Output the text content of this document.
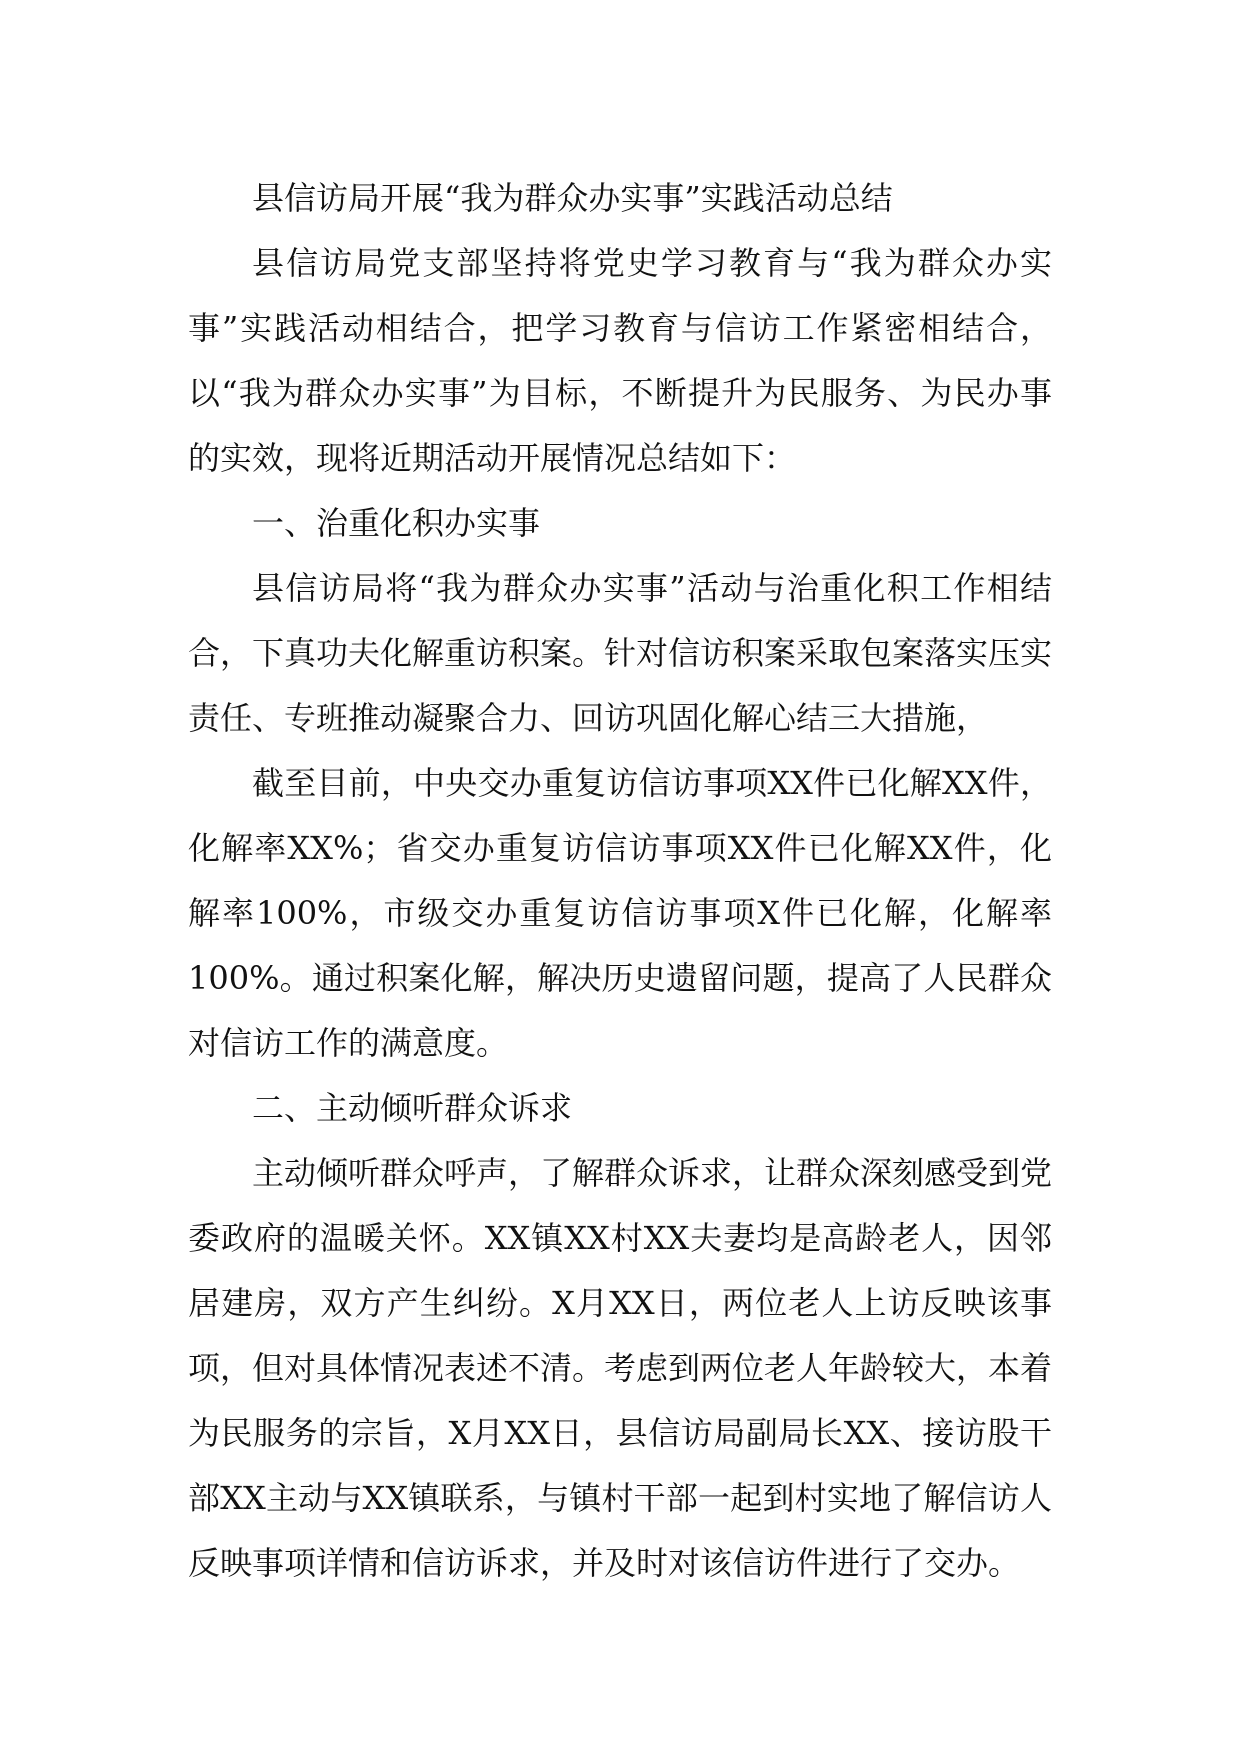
县信访局开展“我为群众办实事”实践活动总结

县信访局党支部坚持将党史学习教育与“我为群众办实事”实践活动相结合，把学习教育与信访工作紧密相结合，以“我为群众办实事”为目标，不断提升为民服务、为民办事的实效，现将近期活动开展情况总结如下：

一、治重化积办实事

县信访局将“我为群众办实事”活动与治重化积工作相结合，下真功夫化解重访积案。针对信访积案采取包案落实压实责任、专班推动凝聚合力、回访巩固化解心结三大措施，

截至目前，中央交办重复访信访事项XX件已化解XX件，化解率XX%；省交办重复访信访事项XX件已化解XX件，化解率100%，市级交办重复访信访事项X件已化解，化解率100%。通过积案化解，解决历史遗留问题，提高了人民群众对信访工作的满意度。

二、主动倾听群众诉求

主动倾听群众呼声，了解群众诉求，让群众深刻感受到党委政府的温暖关怀。XX镇XX村XX夫妻均是高龄老人，因邻居建房，双方产生纠纷。X月XX日，两位老人上访反映该事项，但对具体情况表述不清。考虑到两位老人年龄较大，本着为民服务的宗旨，X月XX日，县信访局副局长XX、接访股干部XX主动与XX镇联系，与镇村干部一起到村实地了解信访人反映事项详情和信访诉求，并及时对该信访件进行了交办。
